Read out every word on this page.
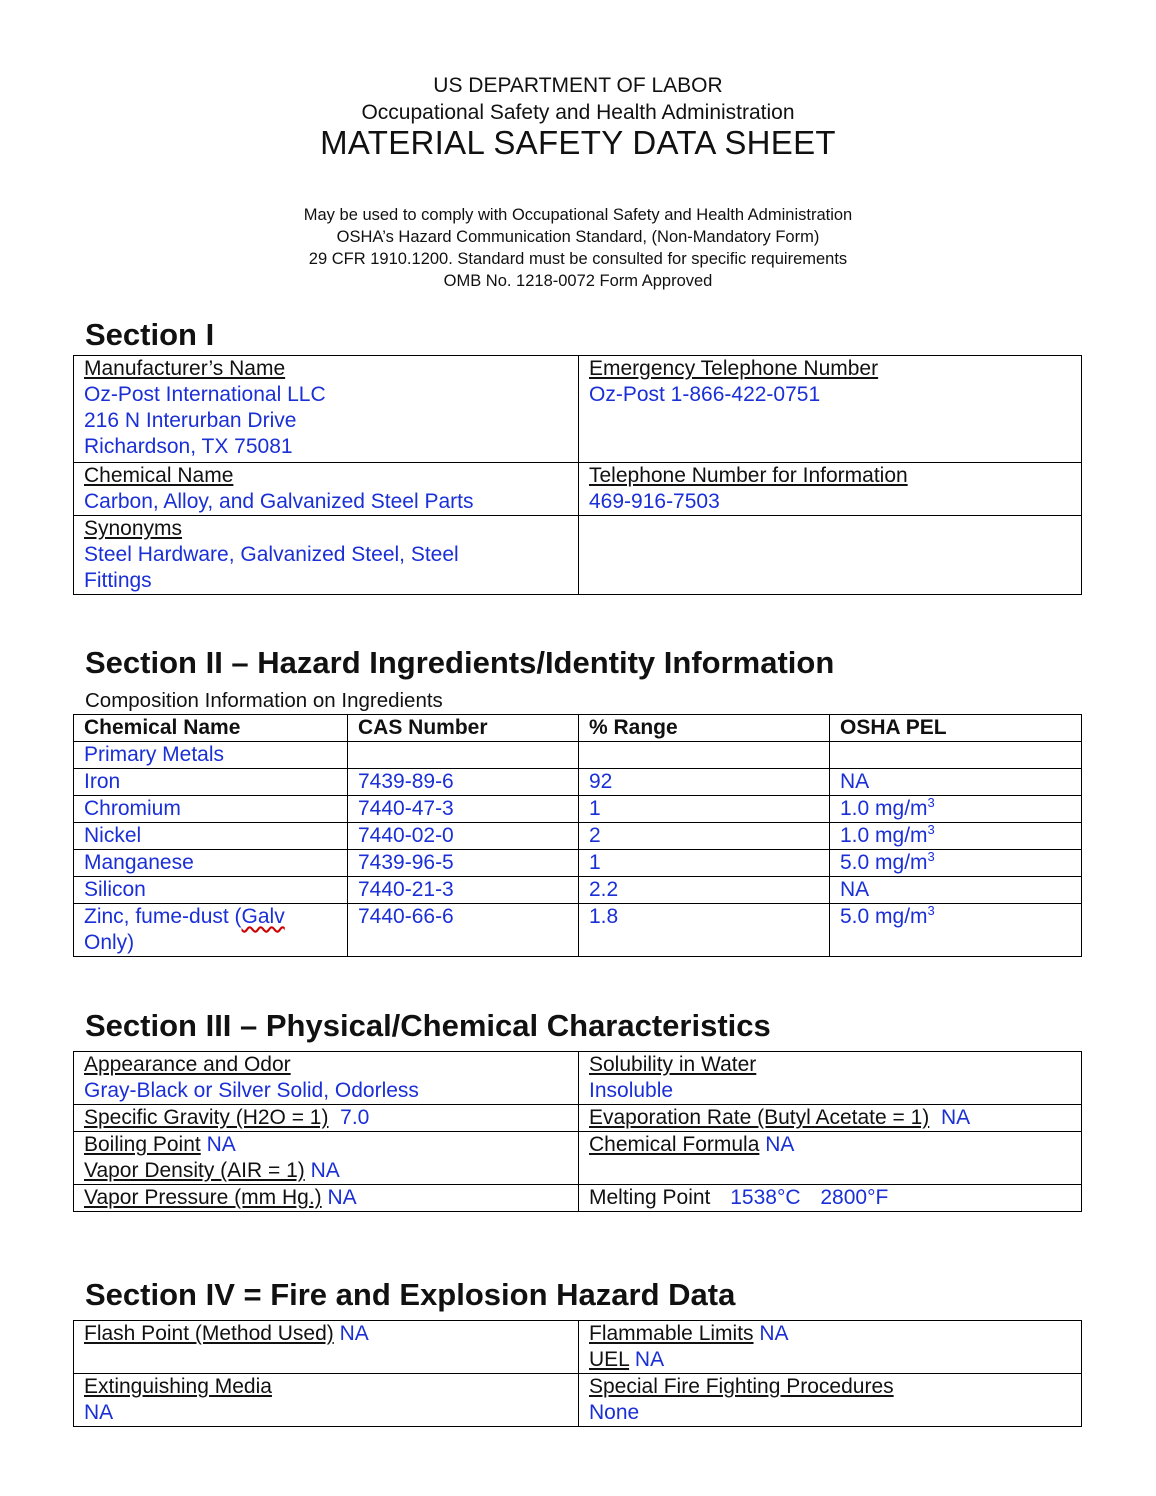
US DEPARTMENT OF LABOR
Occupational Safety and Health Administration
MATERIAL SAFETY DATA SHEET
May be used to comply with Occupational Safety and Health Administration
OSHA’s Hazard Communication Standard, (Non-Mandatory Form)
29 CFR 1910.1200. Standard must be consulted for specific requirements
OMB No. 1218-0072 Form Approved
Section I
Manufacturer’s Name
Oz-Post International LLC
216 N Interurban Drive
Richardson, TX 75081	Emergency Telephone Number
Oz-Post 1-866-422-0751

Chemical Name
Carbon, Alloy, and Galvanized Steel Parts	Telephone Number for Information
469-916-7503

Synonyms
Steel Hardware, Galvanized Steel, Steel
Fittings	

Section II – Hazard Ingredients/Identity Information
Composition Information on Ingredients
Chemical Name	CAS Number	% Range	OSHA PEL
Primary Metals			
Iron	7439-89-6	92	NA
Chromium	7440-47-3	1	1.0 $mg/m^3$
Nickel	7440-02-0	2	1.0 $mg/m^3$
Manganese	7439-96-5	1	5.0 $mg/m^3$
Silicon	7440-21-3	2.2	NA
Zinc, fume-dust (Galv
Only)	7440-66-6	1.8	5.0 $mg/m^3$
Section III – Physical/Chemical Characteristics
Appearance and Odor
Gray-Black or Silver Solid, Odorless	Solubility in Water
Insoluble

Specific Gravity (H2O = 1) 7.0	Evaporation Rate (Butyl Acetate = 1) NA

Boiling Point NA
Vapor Density (AIR = 1) NA	Chemical Formula NA
Vapor Pressure (mm Hg.) NA	Melting Point 1538°C 2800°F
Section IV = Fire and Explosion Hazard Data
Flash Point (Method Used) NA	Flammable Limits NA
UEL NA

Extinguishing Media
NA	Special Fire Fighting Procedures
None
